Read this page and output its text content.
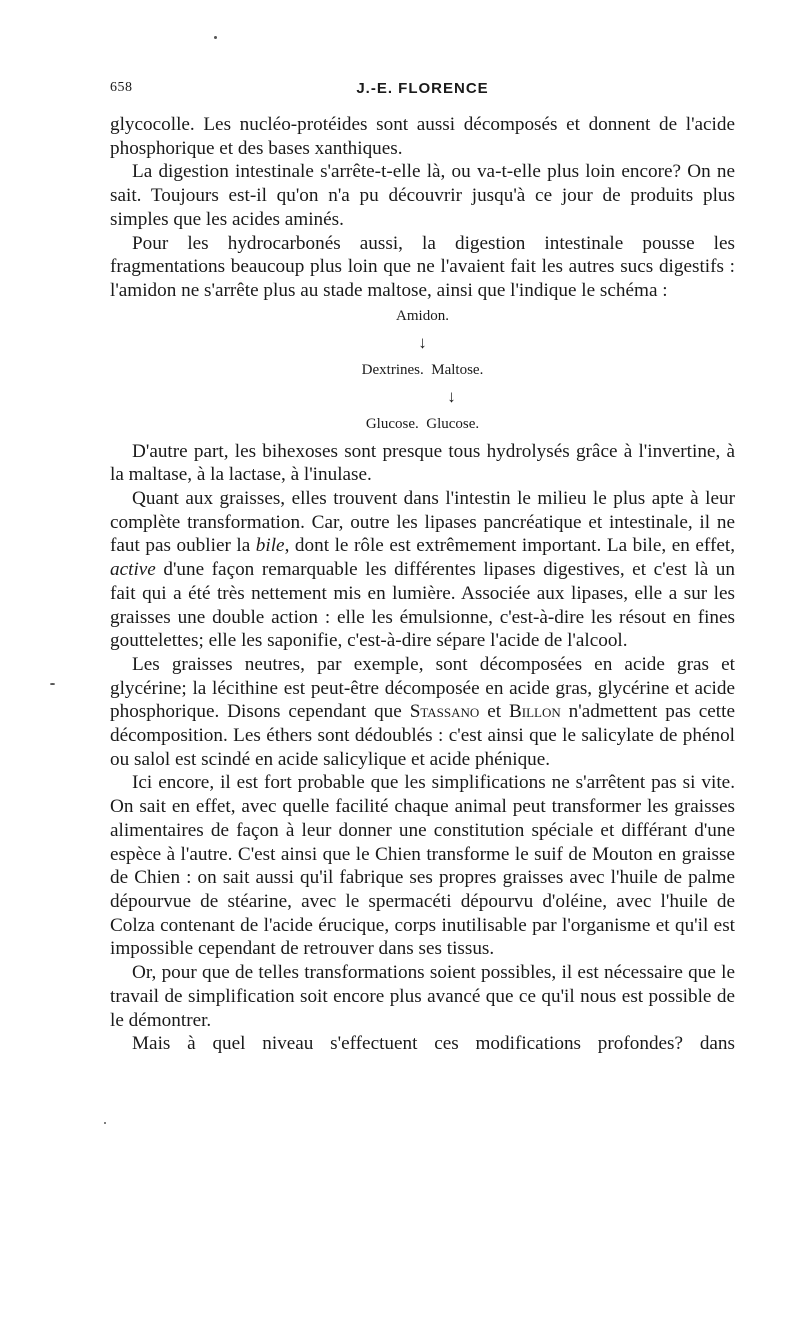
658	J.-E. FLORENCE

glycocolle. Les nucléo-protéides sont aussi décomposés et donnent de l'acide phosphorique et des bases xanthiques.

La digestion intestinale s'arrête-t-elle là, ou va-t-elle plus loin encore? On ne sait. Toujours est-il qu'on n'a pu découvrir jusqu'à ce jour de produits plus simples que les acides aminés.

Pour les hydrocarbonés aussi, la digestion intestinale pousse les fragmentations beaucoup plus loin que ne l'avaient fait les autres sucs digestifs : l'amidon ne s'arrête plus au stade maltose, ainsi que l'indique le schéma :

Amidon.
↓
Dextrines.  Maltose.
↓
Glucose.  Glucose.

D'autre part, les bihexoses sont presque tous hydrolysés grâce à l'invertine, à la maltase, à la lactase, à l'inulase.

Quant aux graisses, elles trouvent dans l'intestin le milieu le plus apte à leur complète transformation. Car, outre les lipases pancréatique et intestinale, il ne faut pas oublier la bile, dont le rôle est extrêmement important. La bile, en effet, active d'une façon remarquable les différentes lipases digestives, et c'est là un fait qui a été très nettement mis en lumière. Associée aux lipases, elle a sur les graisses une double action : elle les émulsionne, c'est-à-dire les résout en fines gouttelettes; elle les saponifie, c'est-à-dire sépare l'acide de l'alcool.

Les graisses neutres, par exemple, sont décomposées en acide gras et glycérine; la lécithine est peut-être décomposée en acide gras, glycérine et acide phosphorique. Disons cependant que Stassano et Billon n'admettent pas cette décomposition. Les éthers sont dédoublés : c'est ainsi que le salicylate de phénol ou salol est scindé en acide salicylique et acide phénique.

Ici encore, il est fort probable que les simplifications ne s'arrêtent pas si vite. On sait en effet, avec quelle facilité chaque animal peut transformer les graisses alimentaires de façon à leur donner une constitution spéciale et différant d'une espèce à l'autre. C'est ainsi que le Chien transforme le suif de Mouton en graisse de Chien : on sait aussi qu'il fabrique ses propres graisses avec l'huile de palme dépourvue de stéarine, avec le spermacéti dépourvu d'oléine, avec l'huile de Colza contenant de l'acide érucique, corps inutilisable par l'organisme et qu'il est impossible cependant de retrouver dans ses tissus.

Or, pour que de telles transformations soient possibles, il est nécessaire que le travail de simplification soit encore plus avancé que ce qu'il nous est possible de le démontrer.

Mais à quel niveau s'effectuent ces modifications profondes? dans
